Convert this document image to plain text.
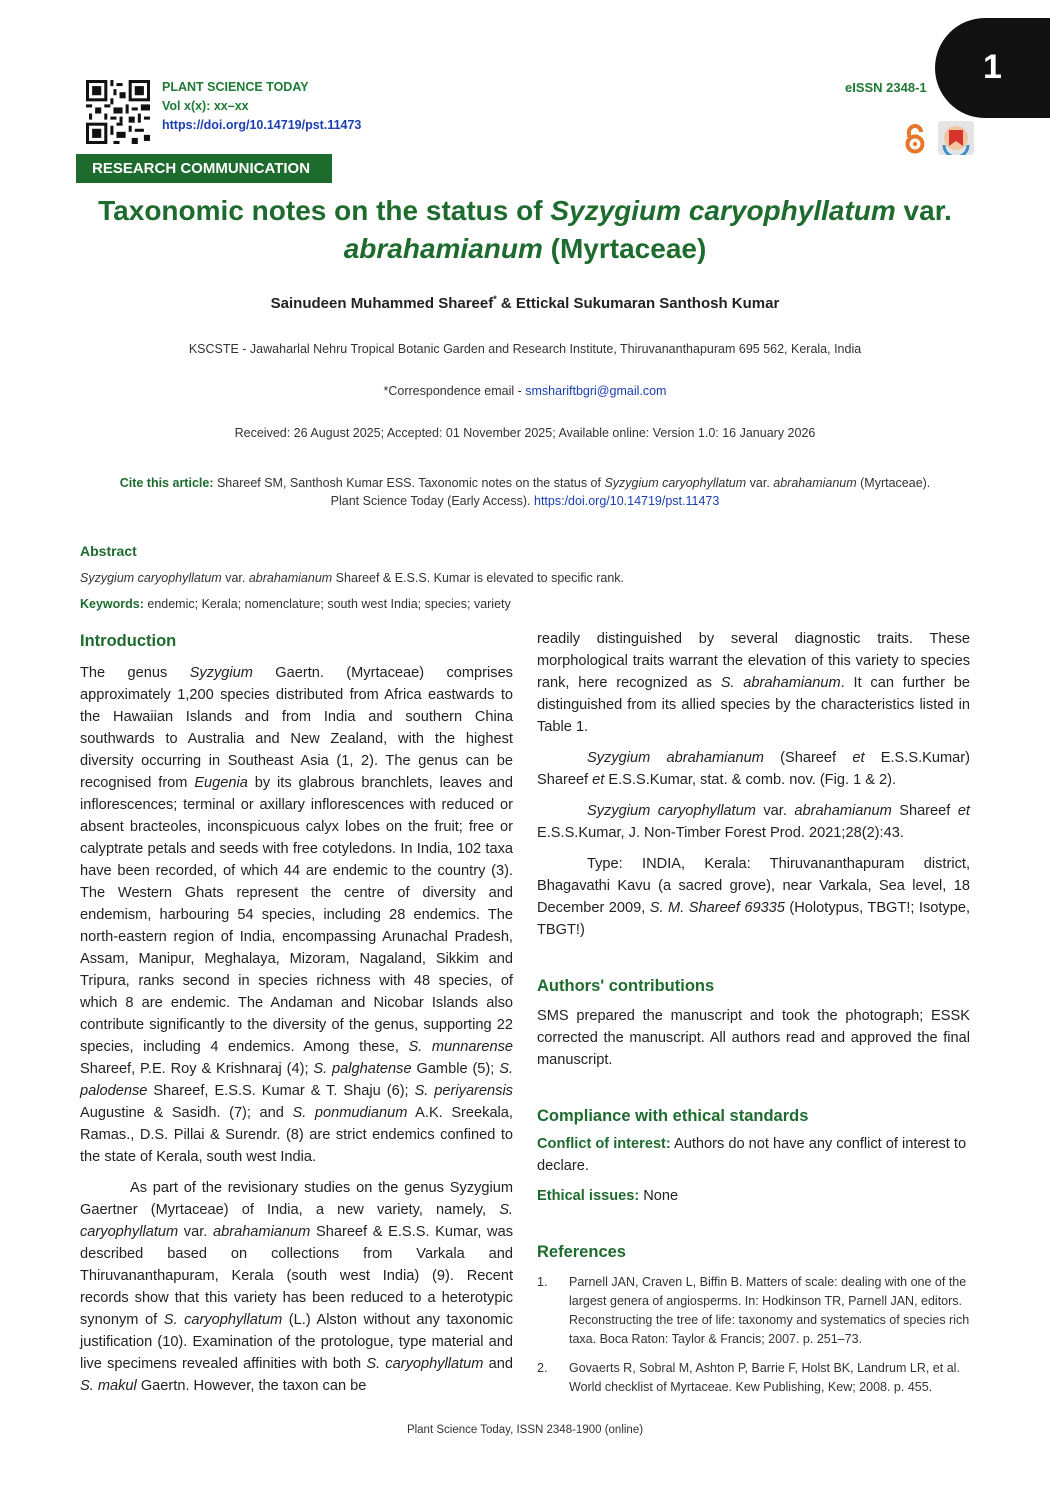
PLANT SCIENCE TODAY
Vol x(x): xx–xx
https://doi.org/10.14719/pst.11473
eISSN 2348-1
1
RESEARCH COMMUNICATION
Taxonomic notes on the status of Syzygium caryophyllatum var.
abrahamianum (Myrtaceae)
Sainudeen Muhammed Shareef* & Ettickal Sukumaran Santhosh Kumar
KSCSTE - Jawaharlal Nehru Tropical Botanic Garden and Research Institute, Thiruvananthapuram 695 562, Kerala, India
*Correspondence email - smshariftbgri@gmail.com
Received: 26 August 2025; Accepted: 01 November 2025; Available online: Version 1.0: 16 January 2026
Cite this article: Shareef SM, Santhosh Kumar ESS. Taxonomic notes on the status of Syzygium caryophyllatum var. abrahamianum (Myrtaceae).
Plant Science Today (Early Access). https:/doi.org/10.14719/pst.11473
Abstract
Syzygium caryophyllatum var. abrahamianum Shareef & E.S.S. Kumar is elevated to specific rank.
Keywords: endemic; Kerala; nomenclature; south west India; species; variety
Introduction

The genus Syzygium Gaertn. (Myrtaceae) comprises approximately 1,200 species distributed from Africa eastwards to the Hawaiian Islands and from India and southern China southwards to Australia and New Zealand, with the highest diversity occurring in Southeast Asia (1, 2). The genus can be recognised from Eugenia by its glabrous branchlets, leaves and inflorescences; terminal or axillary inflorescences with reduced or absent bracteoles, inconspicuous calyx lobes on the fruit; free or calyptrate petals and seeds with free cotyledons. In India, 102 taxa have been recorded, of which 44 are endemic to the country (3). The Western Ghats represent the centre of diversity and endemism, harbouring 54 species, including 28 endemics. The north-eastern region of India, encompassing Arunachal Pradesh, Assam, Manipur, Meghalaya, Mizoram, Nagaland, Sikkim and Tripura, ranks second in species richness with 48 species, of which 8 are endemic. The Andaman and Nicobar Islands also contribute significantly to the diversity of the genus, supporting 22 species, including 4 endemics. Among these, S. munnarense Shareef, P.E. Roy & Krishnaraj (4); S. palghatense Gamble (5); S. palodense Shareef, E.S.S. Kumar & T. Shaju (6); S. periyarensis Augustine & Sasidh. (7); and S. ponmudianum A.K. Sreekala, Ramas., D.S. Pillai & Surendr. (8) are strict endemics confined to the state of Kerala, south west India.

As part of the revisionary studies on the genus Syzygium Gaertner (Myrtaceae) of India, a new variety, namely, S. caryophyllatum var. abrahamianum Shareef & E.S.S. Kumar, was described based on collections from Varkala and Thiruvananthapuram, Kerala (south west India) (9). Recent records show that this variety has been reduced to a heterotypic synonym of S. caryophyllatum (L.) Alston without any taxonomic justification (10). Examination of the protologue, type material and live specimens revealed affinities with both S. caryophyllatum and S. makul Gaertn. However, the taxon can be

readily distinguished by several diagnostic traits. These morphological traits warrant the elevation of this variety to species rank, here recognized as S. abrahamianum. It can further be distinguished from its allied species by the characteristics listed in Table 1.

Syzygium abrahamianum (Shareef et E.S.S.Kumar) Shareef et E.S.S.Kumar, stat. & comb. nov. (Fig. 1 & 2).

Syzygium caryophyllatum var. abrahamianum Shareef et E.S.S.Kumar, J. Non-Timber Forest Prod. 2021;28(2):43.

Type: INDIA, Kerala: Thiruvananthapuram district, Bhagavathi Kavu (a sacred grove), near Varkala, Sea level, 18 December 2009, S. M. Shareef 69335 (Holotypus, TBGT!; Isotype, TBGT!)

Authors' contributions

SMS prepared the manuscript and took the photograph; ESSK corrected the manuscript. All authors read and approved the final manuscript.

Compliance with ethical standards

Conflict of interest: Authors do not have any conflict of interest to declare.

Ethical issues: None

References
1.	Parnell JAN, Craven L, Biffin B. Matters of scale: dealing with one of the largest genera of angiosperms. In: Hodkinson TR, Parnell JAN, editors. Reconstructing the tree of life: taxonomy and systematics of species rich taxa. Boca Raton: Taylor & Francis; 2007. p. 251–73.
2.	Govaerts R, Sobral M, Ashton P, Barrie F, Holst BK, Landrum LR, et al. World checklist of Myrtaceae. Kew Publishing, Kew; 2008. p. 455.
Plant Science Today, ISSN 2348-1900 (online)
